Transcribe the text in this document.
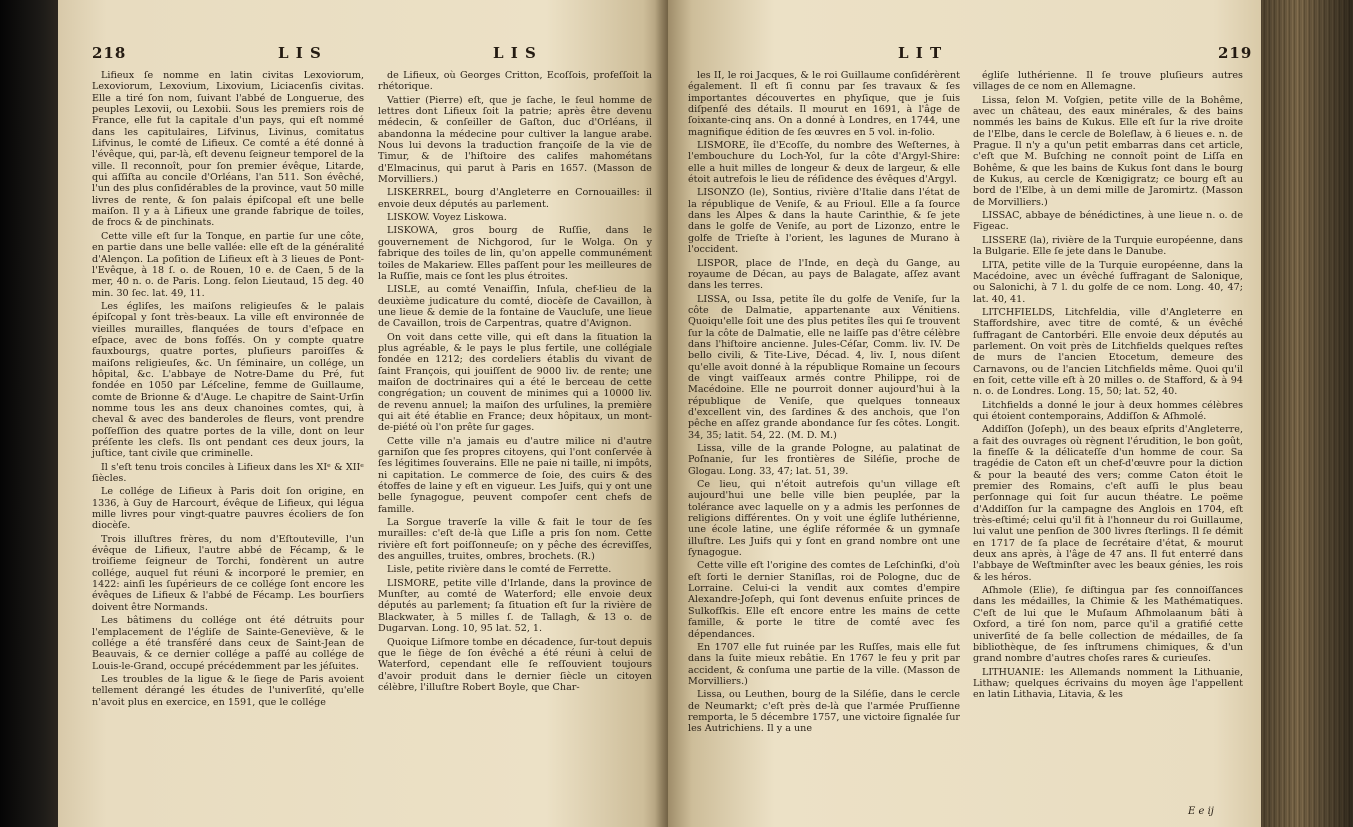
218	L I S	L I S

Lifieux ſe nomme en latin civitas Lexoviorum, Lexoviorum, Lexovium, Lixovium, Liciacenſis civitas. Elle a tiré ſon nom, ſuivant l'abbé de Longuerue, des peuples Lexovii, ou Lexobii. Sous les premiers rois de France, elle fut la capitale d'un pays, qui eſt nommé dans les capitulaires, Lifvinus, Livinus, comitatus Lifvinus, le comté de Lifieux. Ce comté a été donné à l'évêque, qui, par-là, eſt devenu ſeigneur temporel de la ville. Il reconnoît, pour ſon premier évêque, Litarde, qui aſſiſta au concile d'Orléans, l'an 511. Son évêché, l'un des plus conſidérables de la province, vaut 50 mille livres de rente, & ſon palais épiſcopal eſt une belle maiſon. Il y a à Lifieux une grande fabrique de toiles, de frocs & de pinchinats.

Cette ville eſt ſur la Tonque, en partie ſur une côte, en partie dans une belle vallée: elle eſt de la généralité d'Alençon. La poſition de Lifieux eſt à 3 lieues de Pont-l'Evêque, à 18 ſ. o. de Rouen, 10 e. de Caen, 5 de la mer, 40 n. o. de Paris. Long. ſelon Lieutaud, 15 deg. 40 min. 30 ſec. lat. 49, 11.

Les égliſes, les maiſons religieuſes & le palais épiſcopal y ſont très-beaux. La ville eſt environnée de vieilles murailles, flanquées de tours d'eſpace en eſpace, avec de bons foſſés. On y compte quatre fauxbourgs, quatre portes, pluſieurs paroiſſes & maiſons religieuſes, &c. Un ſéminaire, un collége, un hôpital, &c. L'abbaye de Notre-Dame du Pré, fut fondée en 1050 par Léſceline, femme de Guillaume, comte de Brionne & d'Auge. Le chapitre de Saint-Urſin nomme tous les ans deux chanoines comtes, qui, à cheval & avec des banderoles de fleurs, vont prendre poſſeſſion des quatre portes de la ville, dont on leur préſente les clefs. Ils ont pendant ces deux jours, la juſtice, tant civile que criminelle.

Il s'eſt tenu trois conciles à Lifieux dans les XIᵉ & XIIᵉ ſiècles.

Le collége de Lifieux à Paris doit ſon origine, en 1336, à Guy de Harcourt, évêque de Lifieux, qui légua mille livres pour vingt-quatre pauvres écoliers de ſon diocèſe.

Trois illuſtres frères, du nom d'Eſtouteville, l'un évêque de Lifieux, l'autre abbé de Fécamp, & le troiſieme ſeigneur de Torchi, fondèrent un autre collége, auquel fut réuni & incorporé le premier, en 1422: ainſi les ſupérieurs de ce collége ſont encore les évêques de Lifieux & l'abbé de Fécamp. Les bourſiers doivent être Normands.

Les bâtimens du collége ont été détruits pour l'emplacement de l'égliſe de Sainte-Geneviève, & le collége a été transféré dans ceux de Saint-Jean de Beauvais, & ce dernier collége a paſſé au collége de Louis-le-Grand, occupé précédemment par les jéſuites.

Les troubles de la ligue & le ſiege de Paris avoient tellement dérangé les études de l'univerſité, qu'elle n'avoit plus en exercice, en 1591, que le collége

de Lifieux, où Georges Critton, Ecoſſois, profeſſoit la rhétorique.

Vattier (Pierre) eſt, que je ſache, le ſeul homme de lettres dont Lifieux ſoit la patrie; après être devenu médecin, & conſeiller de Gaſton, duc d'Orléans, il abandonna la médecine pour cultiver la langue arabe. Nous lui devons la traduction françoiſe de la vie de Timur, & de l'hiſtoire des califes mahométans d'Elmacinus, qui parut à Paris en 1657. (Masson de Morvilliers.)

LISKERREL, bourg d'Angleterre en Cornouailles: il envoie deux députés au parlement.

LISKOW. Voyez Liskowa.

LISKOWA, gros bourg de Ruſſie, dans le gouvernement de Nichgorod, ſur le Wolga. On y fabrique des toiles de lin, qu'on appelle communément toiles de Makariew. Elles paſſent pour les meilleures de la Ruſſie, mais ce ſont les plus étroites.

LISLE, au comté Venaiſſin, Inſula, chef-lieu de la deuxième judicature du comté, diocèſe de Cavaillon, à une lieue & demie de la fontaine de Vaucluſe, une lieue de Cavaillon, trois de Carpentras, quatre d'Avignon.

On voit dans cette ville, qui eſt dans la ſituation la plus agréable, & le pays le plus fertile, une collégiale fondée en 1212; des cordeliers établis du vivant de ſaint François, qui jouiſſent de 9000 liv. de rente; une maiſon de doctrinaires qui a été le berceau de cette congrégation; un couvent de minimes qui a 10000 liv. de revenu annuel; la maiſon des urſulines, la première qui ait été établie en France; deux hôpitaux, un mont-de-piété où l'on prête ſur gages.

Cette ville n'a jamais eu d'autre milice ni d'autre garniſon que ſes propres citoyens, qui l'ont conſervée à ſes légitimes ſouverains. Elle ne paie ni taille, ni impôts, ni capitation. Le commerce de ſoie, des cuirs & des étoffes de laine y eſt en vigueur. Les Juifs, qui y ont une belle ſynagogue, peuvent compoſer cent chefs de famille.

La Sorgue traverſe la ville & fait le tour de ſes murailles: c'eſt de-là que Liſle a pris ſon nom. Cette rivière eſt fort poiſſonneuſe; on y pêche des écreviſſes, des anguilles, truites, ombres, brochets. (R.)

Lisle, petite rivière dans le comté de Ferrette.

LISMORE, petite ville d'Irlande, dans la province de Munſter, au comté de Waterford; elle envoie deux députés au parlement; ſa ſituation eſt ſur la rivière de Blackwater, à 5 milles ſ. de Tallagh, & 13 o. de Dugarvan. Long. 10, 95 lat. 52, 1.

Quoique Liſmore tombe en décadence, ſur-tout depuis que le ſiège de ſon évêché a été réuni à celui de Waterford, cependant elle ſe reſſouvient toujours d'avoir produit dans le dernier ſiècle un citoyen célèbre, l'illuſtre Robert Boyle, que Char-

L I T	219

les II, le roi Jacques, & le roi Guillaume conſidérèrent également. Il eſt ſi connu par ſes travaux & ſes importantes découvertes en phyſique, que je ſuis diſpenſé des détails. Il mourut en 1691, à l'âge de ſoixante-cinq ans. On a donné à Londres, en 1744, une magnifique édition de ſes œuvres en 5 vol. in-folio.

LISMORE, île d'Ecoſſe, du nombre des Weſternes, à l'embouchure du Loch-Yol, ſur la côte d'Argyl-Shire: elle a huit milles de longeur & deux de largeur, & elle étoit autrefois le lieu de réſidence des évêques d'Argyl.

LISONZO (le), Sontius, rivière d'Italie dans l'état de la république de Veniſe, & au Frioul. Elle a ſa ſource dans les Alpes & dans la haute Carinthie, & ſe jete dans le golfe de Veniſe, au port de Lizonzo, entre le golfe de Trieſte à l'orient, les lagunes de Murano à l'occident.

LISPOR, place de l'Inde, en deçà du Gange, au royaume de Décan, au pays de Balagate, aſſez avant dans les terres.

LISSA, ou Issa, petite île du golfe de Veniſe, ſur la côte de Dalmatie, appartenante aux Vénitiens. Quoiqu'elle ſoit une des plus petites îles qui ſe trouvent ſur la côte de Dalmatie, elle ne laiſſe pas d'être célèbre dans l'hiſtoire ancienne. Jules-Céſar, Comm. liv. IV. De bello civili, & Tite-Live, Décad. 4, liv. I, nous diſent qu'elle avoit donné à la république Romaine un ſecours de vingt vaiſſeaux armés contre Philippe, roi de Macédoine. Elle ne pourroit donner aujourd'hui à la république de Veniſe, que quelques tonneaux d'excellent vin, des ſardines & des anchois, que l'on pêche en aſſez grande abondance ſur ſes côtes. Longit. 34, 35; latit. 54, 22. (M. D. M.)

Lissa, ville de la grande Pologne, au palatinat de Poſnanie, ſur les frontières de Siléſie, proche de Glogau. Long. 33, 47; lat. 51, 39.

Ce lieu, qui n'étoit autrefois qu'un village eſt aujourd'hui une belle ville bien peuplée, par la tolérance avec laquelle on y a admis les perſonnes de religions différentes. On y voit une égliſe luthérienne, une école latine, une égliſe réformée & un gymnaſe illuſtre. Les Juifs qui y ſont en grand nombre ont une ſynagogue.

Cette ville eſt l'origine des comtes de Leſchinſki, d'où eſt ſorti le dernier Staniſlas, roi de Pologne, duc de Lorraine. Celui-ci la vendit aux comtes d'empire Alexandre-Joſeph, qui ſont devenus enſuite princes de Sulkofſkis. Elle eſt encore entre les mains de cette famille, & porte le titre de comté avec ſes dépendances.

En 1707 elle fut ruinée par les Ruſſes, mais elle fut dans la ſuite mieux rebâtie. En 1767 le feu y prit par accident, & conſuma une partie de la ville. (Masson de Morvilliers.)

Lissa, ou Leuthen, bourg de la Siléſie, dans le cercle de Neumarkt; c'eſt près de-là que l'armée Pruſſienne remporta, le 5 décembre 1757, une victoire ſignalée ſur les Autrichiens. Il y a une

égliſe luthérienne. Il ſe trouve pluſieurs autres villages de ce nom en Allemagne.

Lissa, ſelon M. Voſgien, petite ville de la Bohême, avec un château, des eaux minérales, & des bains nommés les bains de Kukus. Elle eſt ſur la rive droite de l'Elbe, dans le cercle de Boleſlaw, à 6 lieues e. n. de Prague. Il n'y a qu'un petit embarras dans cet article, c'eſt que M. Buſching ne connoît point de Liſſa en Bohême, & que les bains de Kukus ſont dans le bourg de Kukus, au cercle de Kœnigigratz; ce bourg eſt au bord de l'Elbe, à un demi mille de Jaromirtz. (Masson de Morvilliers.)

LISSAC, abbaye de bénédictines, à une lieue n. o. de Figeac.

LISSERE (la), rivière de la Turquie européenne, dans la Bulgarie. Elle ſe jete dans le Danube.

LITA, petite ville de la Turquie européenne, dans la Macédoine, avec un évêché ſuffragant de Salonique, ou Salonichi, à 7 l. du golfe de ce nom. Long. 40, 47; lat. 40, 41.

LITCHFIELDS, Litchfeldia, ville d'Angleterre en Staffordshire, avec titre de comté, & un évêché ſuffragant de Cantorbéri. Elle envoie deux députés au parlement. On voit près de Litchfields quelques reſtes de murs de l'ancien Etocetum, demeure des Carnavons, ou de l'ancien Litchfields même. Quoi qu'il en ſoit, cette ville eſt à 20 milles o. de Stafford, & à 94 n. o. de Londres. Long. 15, 50; lat. 52, 40.

Litchfields a donné le jour à deux hommes célèbres qui étoient contemporains, Addiſſon & Aſhmolé.

Addiſſon (Joſeph), un des beaux eſprits d'Angleterre, a fait des ouvrages où règnent l'érudition, le bon goût, la fineſſe & la délicateſſe d'un homme de cour. Sa tragédie de Caton eſt un chef-d'œuvre pour la diction & pour la beauté des vers; comme Caton étoit le premier des Romains, c'eſt auſſi le plus beau perſonnage qui ſoit ſur aucun théatre. Le poëme d'Addiſſon ſur la campagne des Anglois en 1704, eſt très-eſtimé; celui qu'il fit à l'honneur du roi Guillaume, lui valut une penſion de 300 livres ſterlings. Il ſe démit en 1717 de ſa place de ſecrétaire d'état, & mourut deux ans après, à l'âge de 47 ans. Il fut enterré dans l'abbaye de Weſtminſter avec les beaux génies, les rois & les héros.

Aſhmole (Elie), ſe diſtingua par ſes connoiſſances dans les médailles, la Chimie & les Mathématiques. C'eſt de lui que le Muſaum Aſhmolaanum bâti à Oxford, a tiré ſon nom, parce qu'il a gratifié cette univerſité de ſa belle collection de médailles, de ſa bibliothèque, de ſes inſtrumens chimiques, & d'un grand nombre d'autres choſes rares & curieuſes.

LITHUANIE: les Allemands nomment la Lithuanie, Lithaw; quelques écrivains du moyen âge l'appellent en latin Lithavia, Litavia, & les

E e ij
